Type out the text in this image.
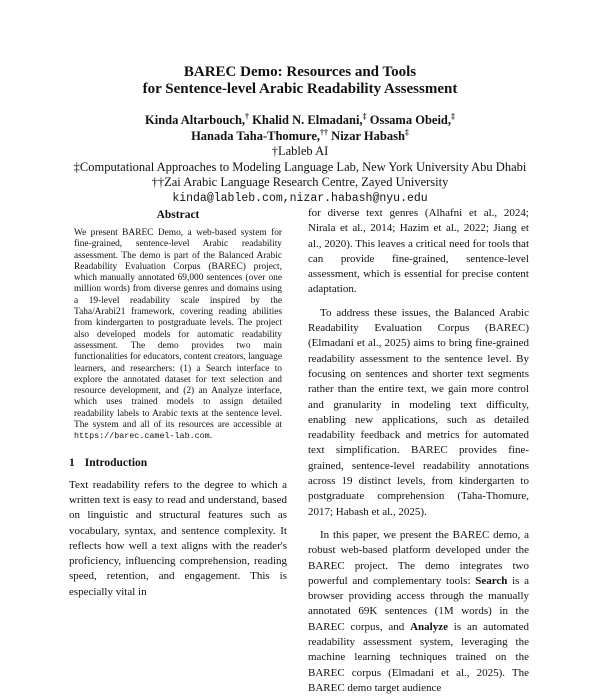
BAREC Demo: Resources and Tools
for Sentence-level Arabic Readability Assessment
Kinda Altarbouch,† Khalid N. Elmadani,‡ Ossama Obeid,‡
Hanada Taha-Thomure,†† Nizar Habash‡
†Lableb AI
‡Computational Approaches to Modeling Language Lab, New York University Abu Dhabi
††Zai Arabic Language Research Centre, Zayed University
kinda@lableb.com,nizar.habash@nyu.edu
Abstract

We present BAREC Demo, a web-based system for fine-grained, sentence-level Arabic readability assessment. The demo is part of the Balanced Arabic Readability Evaluation Corpus (BAREC) project, which manually annotated 69,000 sentences (over one million words) from diverse genres and domains using a 19-level readability scale inspired by the Taha/Arabi21 framework, covering reading abilities from kindergarten to postgraduate levels. The project also developed models for automatic readability assessment. The demo provides two main functionalities for educators, content creators, language learners, and researchers: (1) a Search interface to explore the annotated dataset for text selection and resource development, and (2) an Analyze interface, which uses trained models to assign detailed readability labels to Arabic texts at the sentence level. The system and all of its resources are accessible at https://barec.camel-lab.com.

1 Introduction

Text readability refers to the degree to which a written text is easy to read and understand, based on linguistic and structural features such as vocabulary, syntax, and sentence complexity. It reflects how well a text aligns with the reader's proficiency, influencing comprehension, reading speed, retention, and engagement. This is especially vital in

for diverse text genres (Alhafni et al., 2024; Nirala et al., 2014; Hazim et al., 2022; Jiang et al., 2020). This leaves a critical need for tools that can provide fine-grained, sentence-level assessment, which is essential for precise content adaptation.

To address these issues, the Balanced Arabic Readability Evaluation Corpus (BAREC) (Elmadani et al., 2025) aims to bring fine-grained readability assessment to the sentence level. By focusing on sentences and shorter text segments rather than the entire text, we gain more control and granularity in modeling text difficulty, enabling new applications, such as detailed readability feedback and metrics for automated text simplification. BAREC provides fine-grained, sentence-level readability annotations across 19 distinct levels, from kindergarten to postgraduate comprehension (Taha-Thomure, 2017; Habash et al., 2025).

In this paper, we present the BAREC demo, a robust web-based platform developed under the BAREC project. The demo integrates two powerful and complementary tools: Search is a browser providing access through the manually annotated 69K sentences (1M words) in the BAREC corpus, and Analyze is an automated readability assessment system, leveraging the machine learning techniques trained on the BAREC corpus (Elmadani et al., 2025). The BAREC demo target audience
